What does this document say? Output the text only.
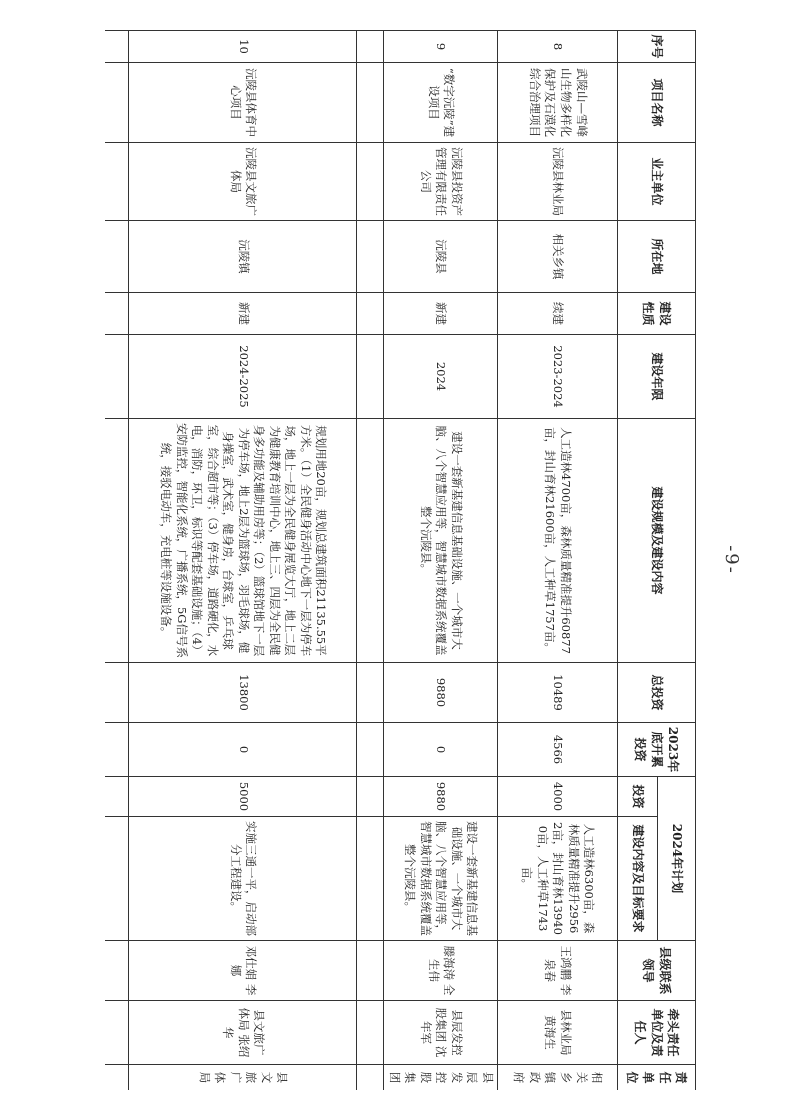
-9-
序号	项目名称	业主单位	所在地	建设性质	建设年限	建设规模及建设内容	总投资	2023年底开累投资	2024年计划		县级联系领导	牵头责任单位及责任人	责任单位
									投资	建设内容及目标要求			
8	武陵山—雪峰山生物多样化保护及石漠化综合治理项目	沅陵县林业局	相关乡镇	续建	2023-2024	人工造林4700亩，森林质量精准提升60877亩，封山育林21600亩，人工种草1757亩。	10489	4566	4000	人工造林6300亩，森林质量精准提升29562亩，封山育林139400亩，人工种草1743亩。	王鸿鹏 李泉春	县林业局 黄海生	相关乡镇政府
9	“数字沅陵”建设项目	沅陵县投资产管理有限责任公司	沅陵县	新建	2024	建设一套新基建信息基础设施、一个城市大脑、八个智慧应用等，智慧城市数据系统覆盖整个沅陵县。	9880	0	9880	建设一套新基建信息基础设施、一个城市大脑、八个智慧应用等，智慧城市数据系统覆盖整个沅陵县。	滕海涛 全生伟	县辰发控股集团 沈年军	县辰发控股集团

10	沅陵县体育中心项目	沅陵县文旅广体局	沅陵镇	新建	2024-2025	规划用地20亩，规划总建筑面积21135.55平方米。（1）全民健身活动中心地下一层为停车场，地上一层为全民健身展览大厅，地上二层为健康教育培训中心，地上三、四层为全民健身多功能及辅助用房等；（2）篮球馆地下一层为停车场，地上2层为篮球场，羽毛球场，健身操室，武术室，健身房，台球室，乒乓球室，综合超市等；（3）停车场，道路硬化，水电，消防，环卫，标识等配套基础设施；（4）安防监控，智能化系统，广播系统，5G信号系统，接驳电动车，充电桩等设施设备。	13800	0	5000	实施三通一平，启动部分工程建设。	邓仕娟 李 娜	县文旅广体局 张绍华	县文旅广体局
